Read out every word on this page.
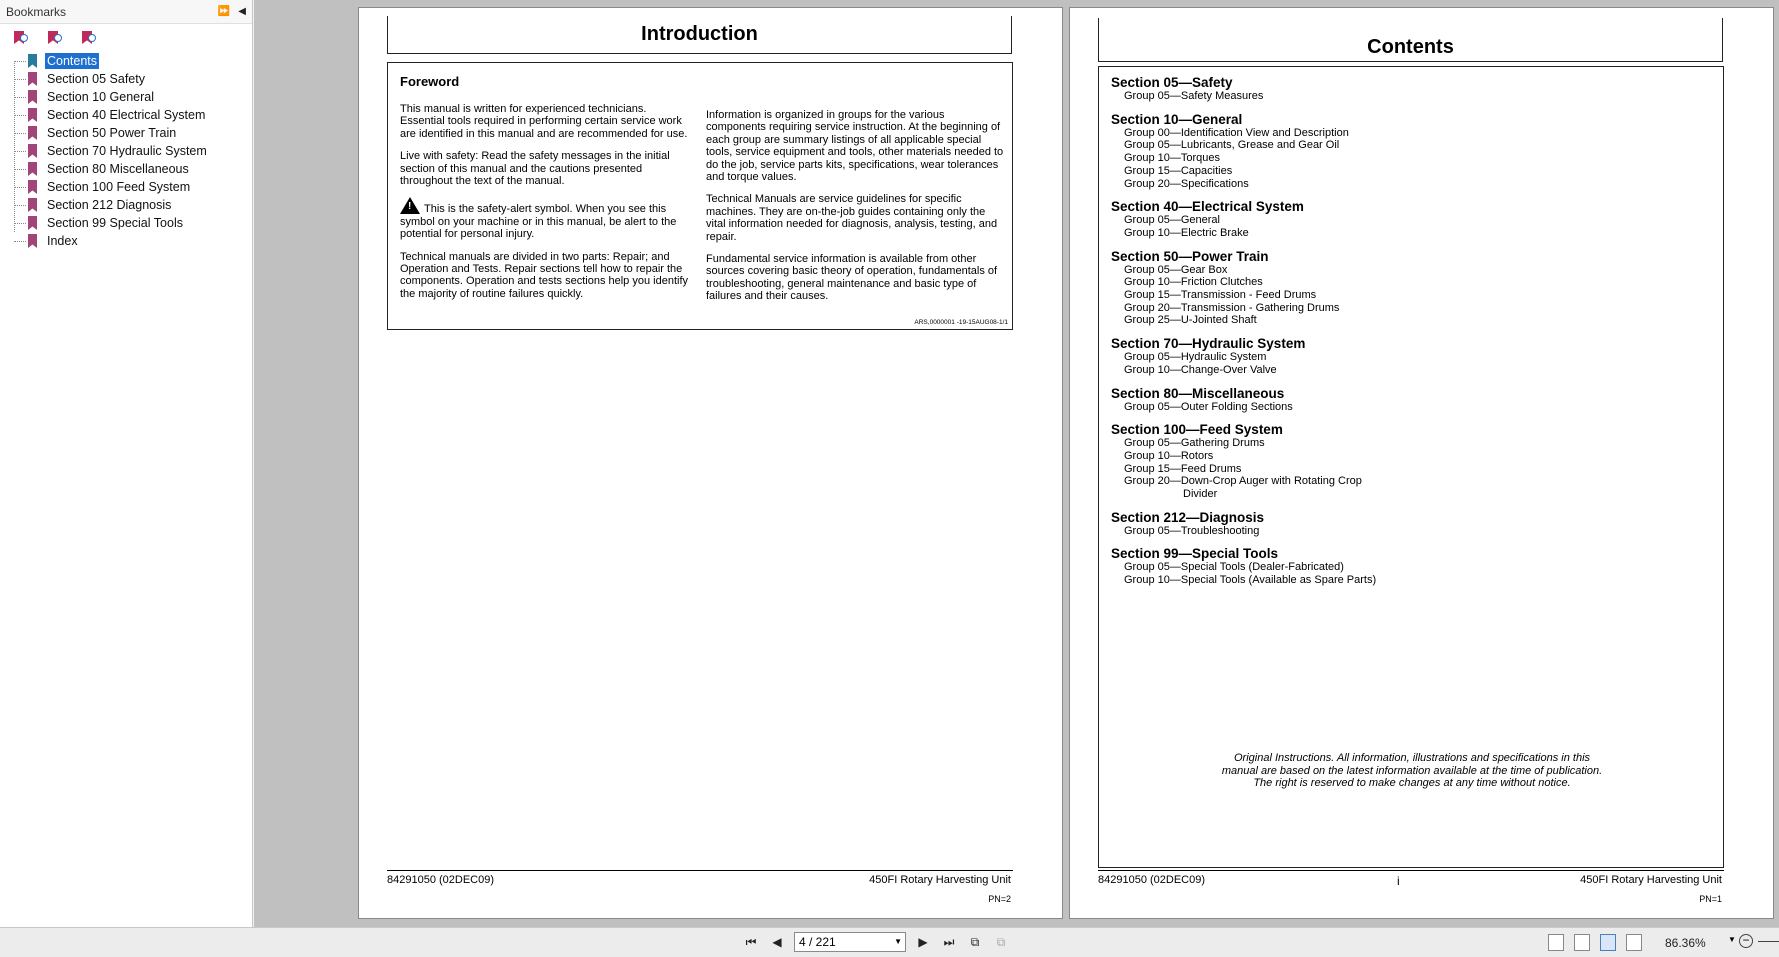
Bookmarks	⏩ ◀
Contents
Section 05 Safety
Section 10 General
Section 40 Electrical System
Section 50 Power Train
Section 70 Hydraulic System
Section 80 Miscellaneous
Section 100 Feed System
Section 212 Diagnosis
Section 99 Special Tools
Index
Introduction
Foreword

This manual is written for experienced technicians. Essential tools required in performing certain service work are identified in this manual and are recommended for use.

Live with safety: Read the safety messages in the initial section of this manual and the cautions presented throughout the text of the manual.

!This is the safety-alert symbol. When you see this symbol on your machine or in this manual, be alert to the potential for personal injury.

Technical manuals are divided in two parts: Repair; and Operation and Tests. Repair sections tell how to repair the components. Operation and tests sections help you identify the majority of routine failures quickly.

Information is organized in groups for the various components requiring service instruction. At the beginning of each group are summary listings of all applicable special tools, service equipment and tools, other materials needed to do the job, service parts kits, specifications, wear tolerances and torque values.

Technical Manuals are service guidelines for specific machines. They are on-the-job guides containing only the vital information needed for diagnosis, analysis, testing, and repair.

Fundamental service information is available from other sources covering basic theory of operation, fundamentals of troubleshooting, general maintenance and basic type of failures and their causes.

ARS,0000001 -19-15AUG08-1/1
84291050 (02DEC09)	450FI Rotary Harvesting Unit
PN=2
Contents
Section 05—Safety
Group 05—Safety Measures
Section 10—General
Group 00—Identification View and Description
Group 05—Lubricants, Grease and Gear Oil
Group 10—Torques
Group 15—Capacities
Group 20—Specifications
Section 40—Electrical System
Group 05—General
Group 10—Electric Brake
Section 50—Power Train
Group 05—Gear Box
Group 10—Friction Clutches
Group 15—Transmission - Feed Drums
Group 20—Transmission - Gathering Drums
Group 25—U-Jointed Shaft
Section 70—Hydraulic System
Group 05—Hydraulic System
Group 10—Change-Over Valve
Section 80—Miscellaneous
Group 05—Outer Folding Sections
Section 100—Feed System
Group 05—Gathering Drums
Group 10—Rotors
Group 15—Feed Drums
Group 20—Down-Crop Auger with Rotating Crop
Divider
Section 212—Diagnosis
Group 05—Troubleshooting
Section 99—Special Tools
Group 05—Special Tools (Dealer-Fabricated)
Group 10—Special Tools (Available as Spare Parts)
Original Instructions. All information, illustrations and specifications in this
manual are based on the latest information available at the time of publication.
The right is reserved to make changes at any time without notice.
84291050 (02DEC09)	i	450FI Rotary Harvesting Unit
PN=1
⏮	◀	4 / 221	▼	▶	⏭	⧉	⧉	86.36%	▼ −
